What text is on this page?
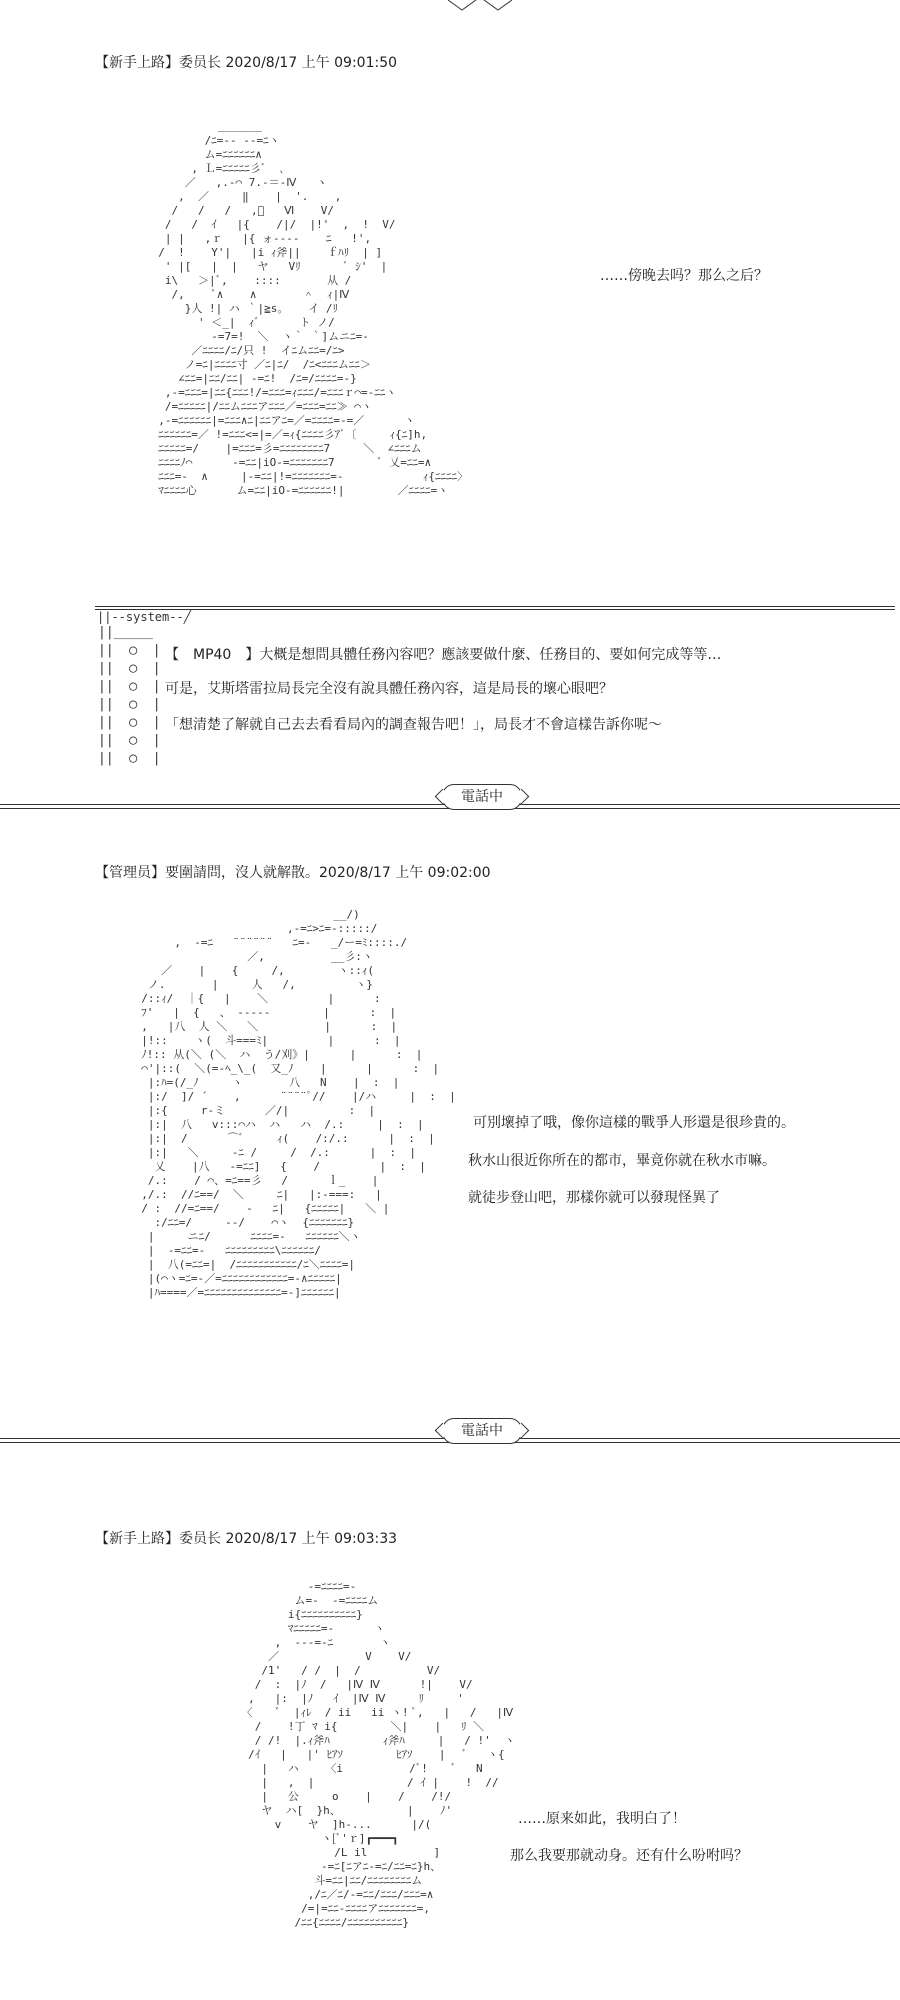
【新手上路】委员长 2020/8/17 上午 09:01:50
＿＿＿＿
/ﾆ=-- --=ﾆヽ
ム=ﾆﾆﾆﾆﾆﾆ∧
, Ｌ=ﾆﾆﾆﾆﾆ彡ﾞ  ､
／   ,.-⌒ 7.-＝-Ⅳ   ヽ
,  ／     ‖    |  '.    ,
/   /   /   ,ﾟ   Ⅵ    V/
/   /  ｲ   |{    /|/  |!'  ,  !  V/
| |   ,ｒ   |{ ォ-‐‐‐    ﾆ   !',
/  !    Y'|   |i ｨ斧||    ｆﾊﾘ  | ]
' |[   |  |   ヤ   Vﾘ       ﾞ ｼ'  |
i\   ＞|ﾞ,    ::::       从 /
/,    ﾟ∧    ∧       ＾  ｨ|Ⅳ
}人 !| ハ ｀|≧s。   イ /ﾘ
' ＜_|  ｨﾞ      ト ノ/
-=7=!  ＼  ヽ｀ ｀]ムニﾆ=-
／ﾆﾆﾆﾆ/ﾆ/只 !  イﾆムﾆﾆ=/ﾆ>
ノ=ﾆ|ﾆﾆﾆﾆ寸 ／ﾆ|ﾆ/  /ﾆ<ﾆﾆﾆムﾆﾆ＞
∠ﾆﾆ=|ﾆﾆ/ﾆﾆ| -=ﾆ!  /ﾆ=/ﾆﾆﾆﾆ=-}
,-=ﾆﾆﾆ=|ﾆﾆ{ﾆﾆﾆ!/=ﾆﾆﾆ=ｨﾆﾆﾆ/=ﾆﾆﾆｒ⌒=-ﾆﾆヽ
/=ﾆﾆﾆﾆﾆ|/ﾆﾆムﾆﾆﾆアﾆﾆﾆ／=ﾆﾆﾆ=ﾆﾆ≫ ⌒ヽ
,-=ﾆﾆﾆﾆﾆﾆ|=ﾆﾆﾆ∧ﾆ|ﾆﾆアﾆ=／=ﾆﾆﾆﾆ=-=／      ヽ
ﾆﾆﾆﾆﾆﾆ=／ !=ﾆﾆﾆ<=|=／=ｨ{ﾆﾆﾆﾆ彡ｱﾞ〔     ｨ{ﾆ]h,
ﾆﾆﾆﾆﾆ=/    |=ﾆﾆﾆ=彡=ﾆﾆﾆﾆﾆﾆﾆﾆ7     ＼  ∠ﾆﾆﾆム
ﾆﾆﾆﾆﾉ⌒      -=ﾆﾆ|iO-=ﾆﾆﾆﾆﾆﾆﾆ7       ﾞ 乂=ﾆﾆ=∧
ﾆﾆﾆ=-  ∧     |-=ﾆﾆ|!=ﾆﾆﾆﾆﾆﾆﾆ=-            ｨ{ﾆﾆﾆﾆ〉
ﾏﾆﾆﾆﾆ心      ム=ﾆﾆ|iO-=ﾆﾆﾆﾆﾆﾆ!|        ／ﾆﾆﾆﾆ=ヽ
……傍晚去吗？那么之后？
||--system--╱
||_____
||  ◯  |
||  ◯  |
||  ◯  |
||  ◯  |
||  ◯  |
||  ◯  |
||  ◯  |
【　MP40　】大概是想問具體任務內容吧？應該要做什麼、任務目的、要如何完成等等…
可是，艾斯塔雷拉局長完全沒有說具體任務內容，這是局長的壞心眼吧？
「想清楚了解就自己去去看看局內的調查報告吧！」，局長才不會這樣告訴你呢～
電話中
【管理员】要圍請問，沒人就解散。2020/8/17 上午 09:02:00
__/)
,-=ﾆ>ﾆ=-:::::/
,  -=ﾆ   ¨¨¨¨¨¨   ﾆ=-   _/ー=ﾐ::::./
／,          __彡:ヽ
／    |    {     /,        ヽ::ｨ(
ノ.       |     人   /,         ヽ}
/::ｨ/  ｜{   |    ＼         |      :
ﾌ'   |  {   、 -----        |      :  |
,   |八  人 ＼   ＼          |      :  |
|!::    ヽ(  斗===ﾐ|         |      :  |
ﾉ!:: 从(＼ (＼  ハ  う/刈》|      |      :  |
⌒'|::(  ＼(=‐ﾍ_\_(  又_ﾉ    |      |      :  |
|:ﾊ=(/_ﾉ     ヽ       八   N    |  :  |
|:/  ]/ ´    ,      ¨¨¨¨ﾟ//    |/ハ     |  :  |
|:{     r‐ミ      ／/|         :  |
|:|  八   v:::⌒ハ  ハ   ハ  /.:     |  :  |
|:|  /      ⌒ﾞ     ｨ(    /:/.:      |  :  |
|:|   ＼     -ﾆ /     /  /.:      |  :  |
乂    |八   -=ﾆﾆ]   {    /         |  :  |
/.:    / ⌒、=ﾆ==彡   /      ｌ_    |
,/.:  //ﾆ==/  ＼     ﾆ|   |:-===:   |
/ :  //=ﾆ==/    -   ﾆ|   {ﾆﾆﾆﾆﾆ|   ＼ |
:/ﾆﾆ=/     --/    ⌒ヽ  {ﾆﾆﾆﾆﾆﾆﾆ}
|     ニﾆ/      ﾆﾆﾆﾆ=-   ﾆﾆﾆﾆﾆﾆ＼ヽ
|  -=ﾆﾆ=-   ﾆﾆﾆﾆﾆﾆﾆﾆﾆ\ﾆﾆﾆﾆﾆﾆ/
|  八(=ﾆﾆ=|  /ﾆﾆﾆﾆﾆﾆﾆﾆﾆﾆﾆ/ﾆ＼ﾆﾆﾆﾆ=|
|(⌒ヽ=ﾆ=-／=ﾆﾆﾆﾆﾆﾆﾆﾆﾆﾆﾆﾆ=-∧ﾆﾆﾆﾆﾆ|
|ﾊ====／=ﾆﾆﾆﾆﾆﾆﾆﾆﾆﾆﾆﾆﾆﾆ=-]ﾆﾆﾆﾆﾆﾆ|
可別壞掉了哦，像你這樣的戰爭人形還是很珍貴的。
秋水山很近你所在的都市，畢竟你就在秋水市嘛。
就徒步登山吧，那樣你就可以發現怪異了
電話中
【新手上路】委员长 2020/8/17 上午 09:03:33
-=ﾆﾆﾆﾆ=-
ム=-  -=ﾆﾆﾆﾆム
i{ﾆﾆﾆﾆﾆﾆﾆﾆﾆﾆ}
ﾏﾆﾆﾆﾆﾆ=-      ヽ
,  ---=-ﾆ       ヽ
／             V    V/
/1'   / /  |  /          V/
/  :  |ﾉ  /   |Ⅳ Ⅳ      !|    V/
,   |:  |ﾉ   ｲ  |Ⅳ Ⅳ     ﾘ     '
〈    ﾞ  |ｨﾚ  / ii   ii ヽ! ﾟ,   |   /   |Ⅳ
/    !丁 ﾏ i{        ＼|    |   ﾘ ＼
/ /!  |.ｨ斧ﾊ        ｨ斧ﾊ     |   / !'  ヽ
/ｲ   |   |' ﾋｱｿ        ﾋｱｿ    |   ﾞ   ヽ{
|   ハ    〈i          /ﾞ!    ﾞ   N
|   ,  |              / ｲ |    !  //
|   公     o    |    /    /!/
ヤ  ハ[  }h、          |    ﾉ'
v    ヤ  ]h-...      |/(
ヽ[ﾞ'ｒ]┏━━━┓
/L il          ]
-=ﾆ[ﾆアﾆ-=ﾆ/ﾆﾆ=ﾆ}h、
斗=ﾆﾆ|ﾆﾆ/ﾆﾆﾆﾆﾆﾆﾆﾆム
,/ﾆ／ﾆ/-=ﾆﾆ/ﾆﾆﾆ/ﾆﾆﾆ=∧
/=|=ﾆﾆ-ﾆﾆﾆﾆアﾆﾆﾆﾆﾆﾆﾆ=,
/ﾆﾆ{ﾆﾆﾆﾆ/ﾆﾆﾆﾆﾆﾆﾆﾆﾆﾆ}
……原来如此，我明白了！
那么我要那就动身。还有什么吩咐吗？
